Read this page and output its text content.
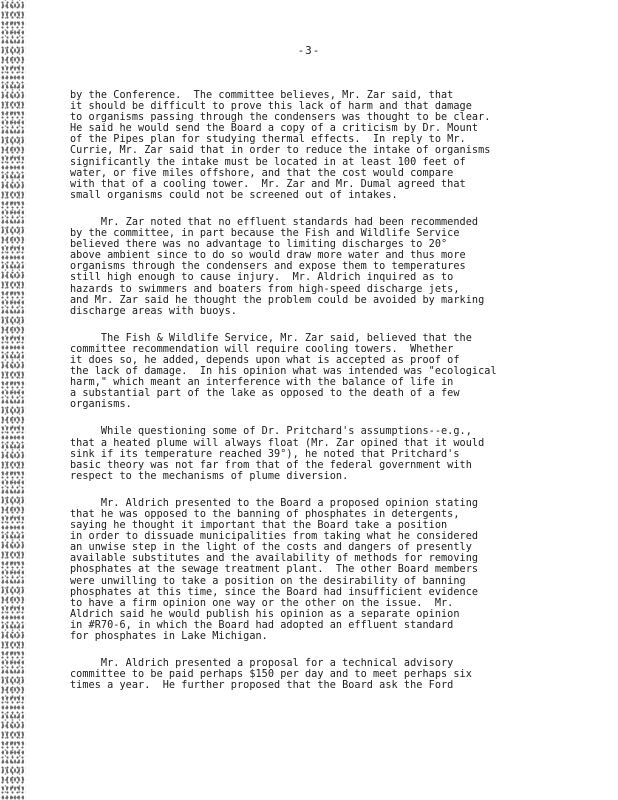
-3-

by the Conference.  The committee believes, Mr. Zar said, that
it should be difficult to prove this lack of harm and that damage
to organisms passing through the condensers was thought to be clear.
He said he would send the Board a copy of a criticism by Dr. Mount
of the Pipes plan for studying thermal effects.  In reply to Mr.
Currie, Mr. Zar said that in order to reduce the intake of organisms
significantly the intake must be located in at least 100 feet of
water, or five miles offshore, and that the cost would compare
with that of a cooling tower.  Mr. Zar and Mr. Dumal agreed that
small organisms could not be screened out of intakes.

Mr. Zar noted that no effluent standards had been recommended
by the committee, in part because the Fish and Wildlife Service
believed there was no advantage to limiting discharges to 20°
above ambient since to do so would draw more water and thus more
organisms through the condensers and expose them to temperatures
still high enough to cause injury.  Mr. Aldrich inquired as to
hazards to swimmers and boaters from high-speed discharge jets,
and Mr. Zar said he thought the problem could be avoided by marking
discharge areas with buoys.

The Fish & Wildlife Service, Mr. Zar said, believed that the
committee recommendation will require cooling towers.  Whether
it does so, he added, depends upon what is accepted as proof of
the lack of damage.  In his opinion what was intended was "ecological
harm," which meant an interference with the balance of life in
a substantial part of the lake as opposed to the death of a few
organisms.

While questioning some of Dr. Pritchard's assumptions--e.g.,
that a heated plume will always float (Mr. Zar opined that it would
sink if its temperature reached 39°), he noted that Pritchard's
basic theory was not far from that of the federal government with
respect to the mechanisms of plume diversion.

Mr. Aldrich presented to the Board a proposed opinion stating
that he was opposed to the banning of phosphates in detergents,
saying he thought it important that the Board take a position
in order to dissuade municipalities from taking what he considered
an unwise step in the light of the costs and dangers of presently
available substitutes and the availability of methods for removing
phosphates at the sewage treatment plant.  The other Board members
were unwilling to take a position on the desirability of banning
phosphates at this time, since the Board had insufficient evidence
to have a firm opinion one way or the other on the issue.  Mr.
Aldrich said he would publish his opinion as a separate opinion
in #R70-6, in which the Board had adopted an effluent standard
for phosphates in Lake Michigan.

Mr. Aldrich presented a proposal for a technical advisory
committee to be paid perhaps $150 per day and to meet perhaps six
times a year.  He further proposed that the Board ask the Ford
